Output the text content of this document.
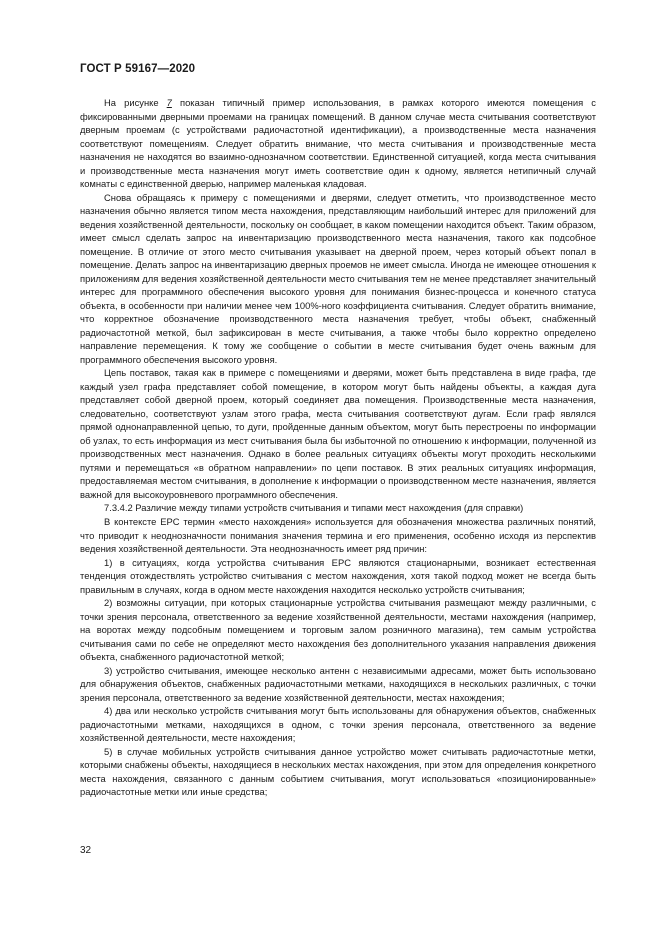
ГОСТ Р 59167—2020

На рисунке 7 показан типичный пример использования, в рамках которого имеются помещения с фиксированными дверными проемами на границах помещений. В данном случае места считывания соответствуют дверным проемам (с устройствами радиочастотной идентификации), а производственные места назначения соответствуют помещениям. Следует обратить внимание, что места считывания и производственные места назначения не находятся во взаимно-однозначном соответствии. Единственной ситуацией, когда места считывания и производственные места назначения могут иметь соответствие один к одному, является нетипичный случай комнаты с единственной дверью, например маленькая кладовая.

Снова обращаясь к примеру с помещениями и дверями, следует отметить, что производственное место назначения обычно является типом места нахождения, представляющим наибольший интерес для приложений для ведения хозяйственной деятельности, поскольку он сообщает, в каком помещении находится объект. Таким образом, имеет смысл сделать запрос на инвентаризацию производственного места назначения, такого как подсобное помещение. В отличие от этого место считывания указывает на дверной проем, через который объект попал в помещение. Делать запрос на инвентаризацию дверных проемов не имеет смысла. Иногда не имеющее отношения к приложениям для ведения хозяйственной деятельности место считывания тем не менее представляет значительный интерес для программного обеспечения высокого уровня для понимания бизнес-процесса и конечного статуса объекта, в особенности при наличии менее чем 100%-ного коэффициента считывания. Следует обратить внимание, что корректное обозначение производственного места назначения требует, чтобы объект, снабженный радиочастотной меткой, был зафиксирован в месте считывания, а также чтобы было корректно определено направление перемещения. К тому же сообщение о событии в месте считывания будет очень важным для программного обеспечения высокого уровня.

Цепь поставок, такая как в примере с помещениями и дверями, может быть представлена в виде графа, где каждый узел графа представляет собой помещение, в котором могут быть найдены объекты, а каждая дуга представляет собой дверной проем, который соединяет два помещения. Производственные места назначения, следовательно, соответствуют узлам этого графа, места считывания соответствуют дугам. Если граф являлся прямой однонаправленной цепью, то дуги, пройденные данным объектом, могут быть перестроены по информации об узлах, то есть информация из мест считывания была бы избыточной по отношению к информации, полученной из производственных мест назначения. Однако в более реальных ситуациях объекты могут проходить несколькими путями и перемещаться «в обратном направлении» по цепи поставок. В этих реальных ситуациях информация, предоставляемая местом считывания, в дополнение к информации о производственном месте назначения, является важной для высокоуровневого программного обеспечения.

7.3.4.2 Различие между типами устройств считывания и типами мест нахождения (для справки)

В контексте EPC термин «место нахождения» используется для обозначения множества различных понятий, что приводит к неоднозначности понимания значения термина и его применения, особенно исходя из перспектив ведения хозяйственной деятельности. Эта неоднозначность имеет ряд причин:

1) в ситуациях, когда устройства считывания EPC являются стационарными, возникает естественная тенденция отождествлять устройство считывания с местом нахождения, хотя такой подход может не всегда быть правильным в случаях, когда в одном месте нахождения находится несколько устройств считывания;

2) возможны ситуации, при которых стационарные устройства считывания размещают между различными, с точки зрения персонала, ответственного за ведение хозяйственной деятельности, местами нахождения (например, на воротах между подсобным помещением и торговым залом розничного магазина), тем самым устройства считывания сами по себе не определяют место нахождения без дополнительного указания направления движения объекта, снабженного радиочастотной меткой;

3) устройство считывания, имеющее несколько антенн с независимыми адресами, может быть использовано для обнаружения объектов, снабженных радиочастотными метками, находящихся в нескольких различных, с точки зрения персонала, ответственного за ведение хозяйственной деятельности, местах нахождения;

4) два или несколько устройств считывания могут быть использованы для обнаружения объектов, снабженных радиочастотными метками, находящихся в одном, с точки зрения персонала, ответственного за ведение хозяйственной деятельности, месте нахождения;

5) в случае мобильных устройств считывания данное устройство может считывать радиочастотные метки, которыми снабжены объекты, находящиеся в нескольких местах нахождения, при этом для определения конкретного места нахождения, связанного с данным событием считывания, могут использоваться «позиционированные» радиочастотные метки или иные средства;

32
